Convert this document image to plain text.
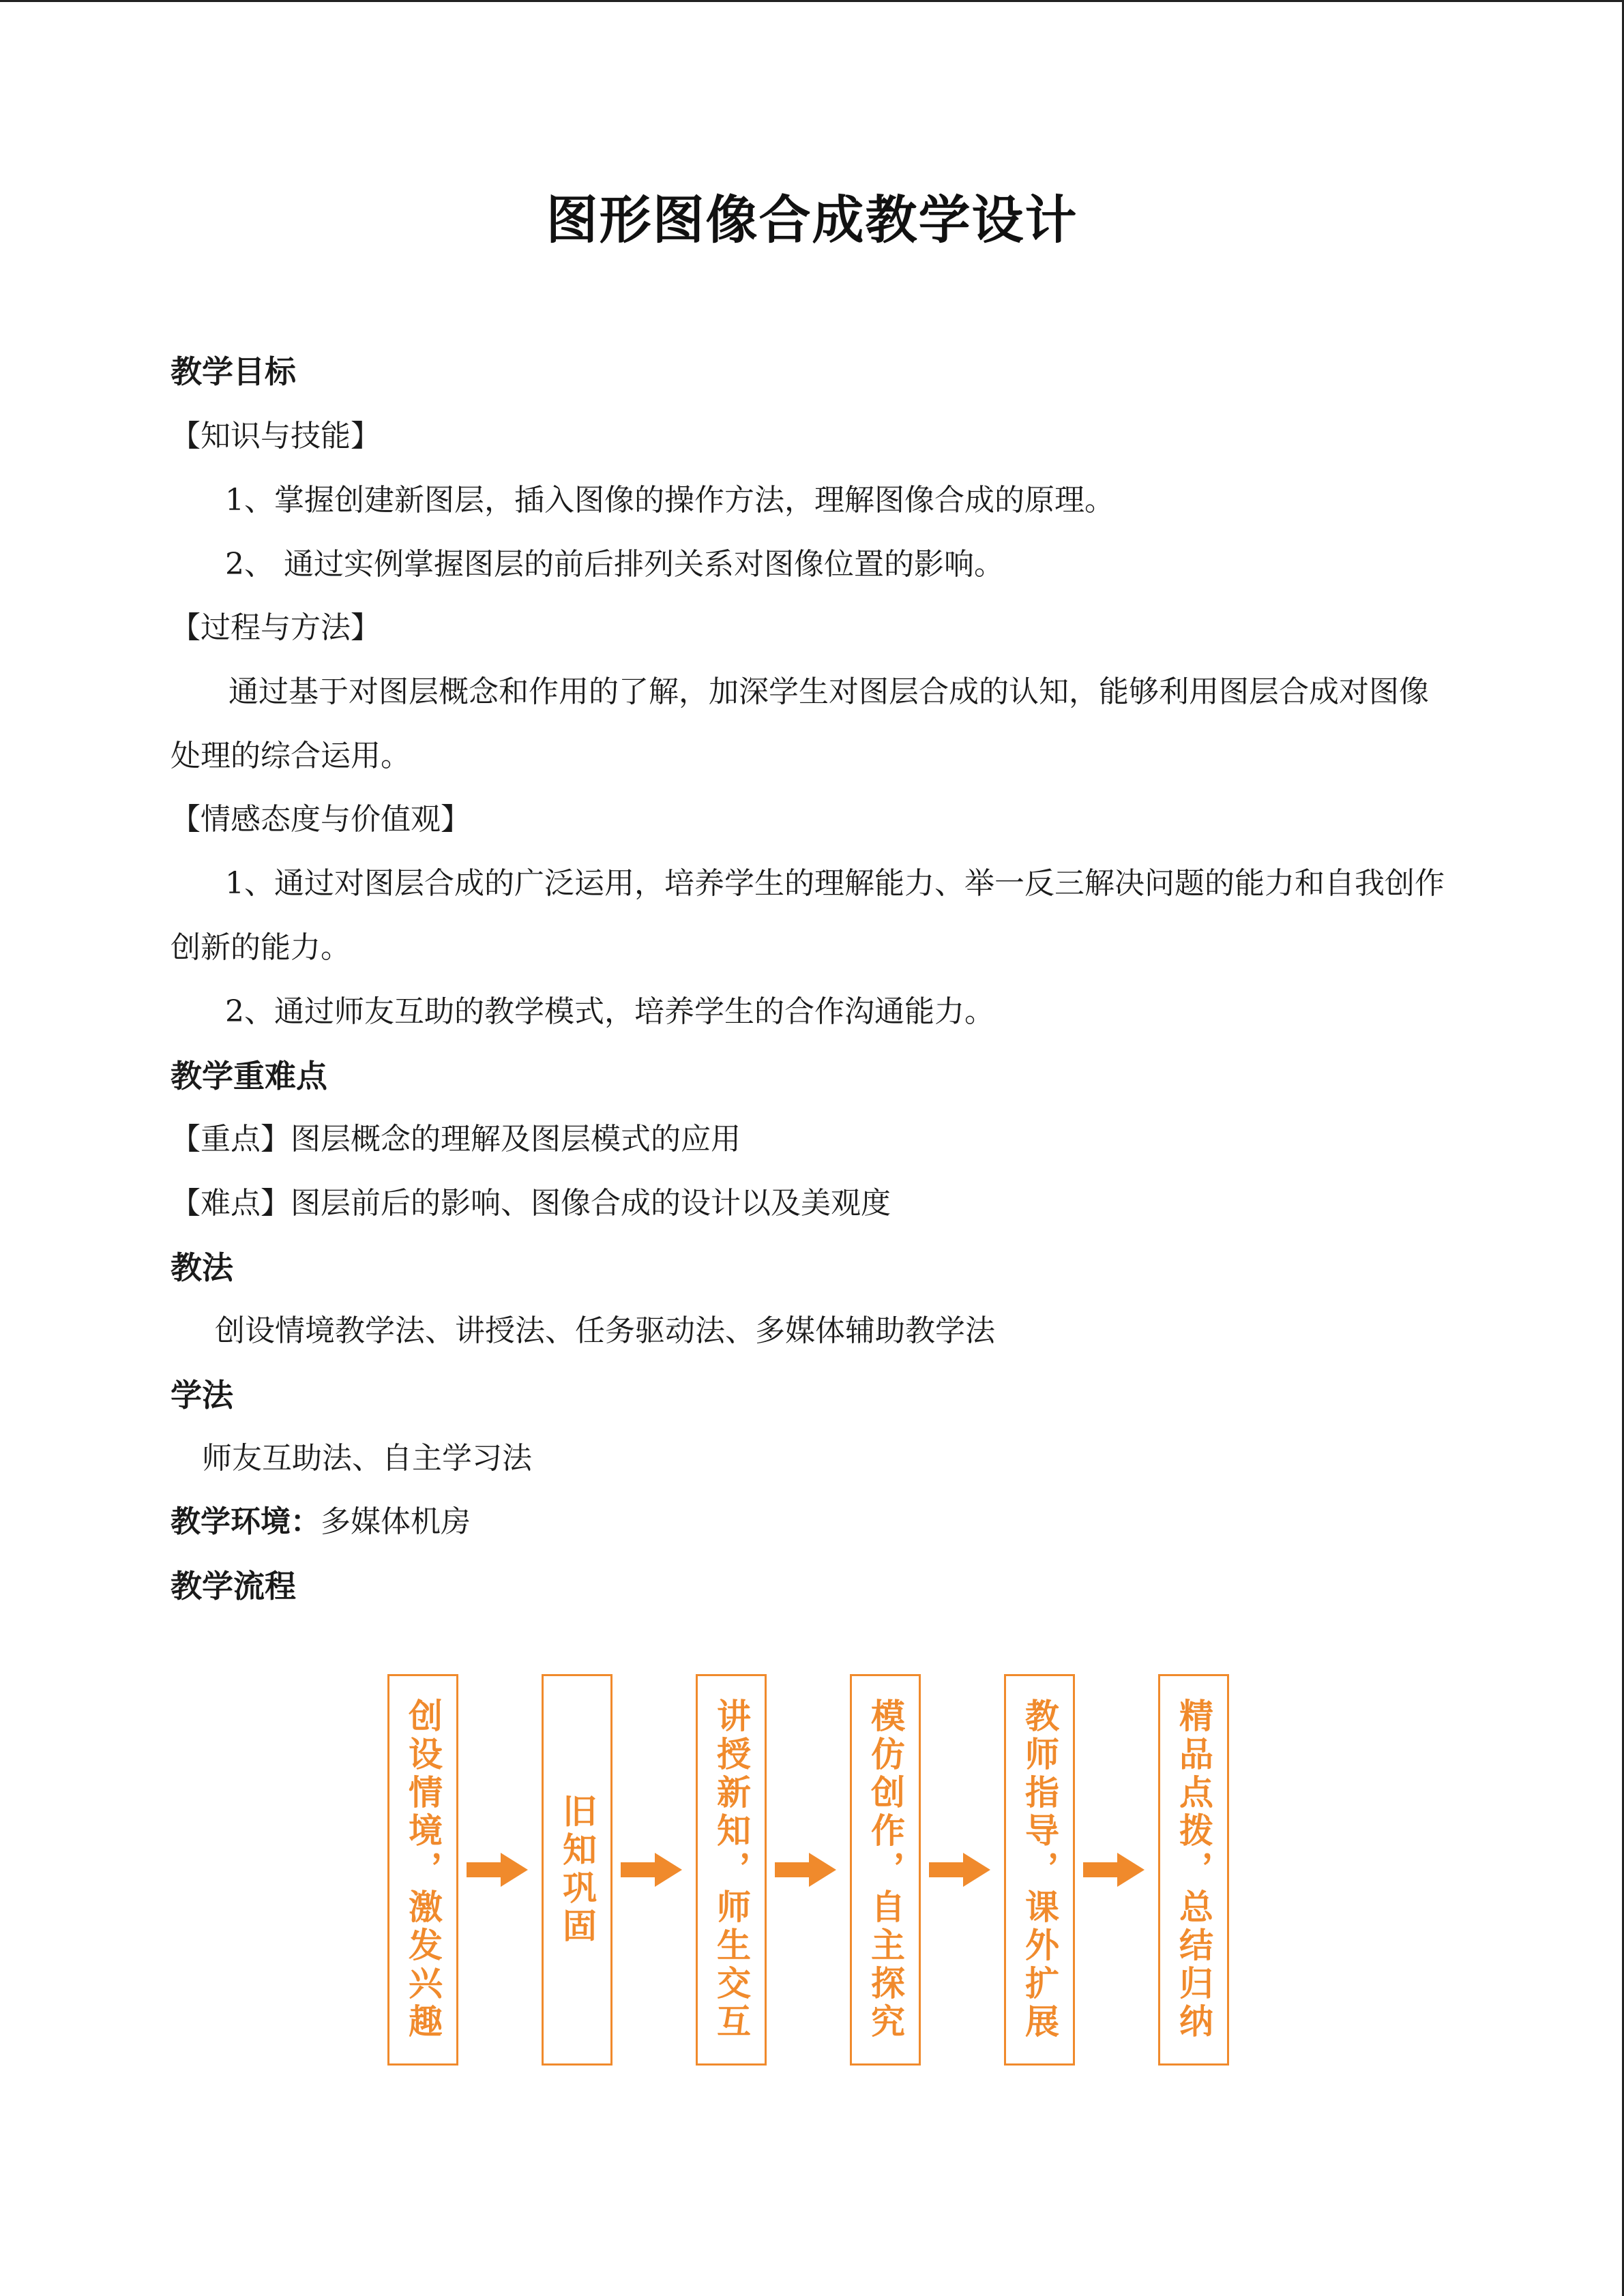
图形图像合成教学设计
教学目标
【知识与技能】
1、掌握创建新图层，插入图像的操作方法，理解图像合成的原理。
2、 通过实例掌握图层的前后排列关系对图像位置的影响。
【过程与方法】
通过基于对图层概念和作用的了解，加深学生对图层合成的认知，能够利用图层合成对图像
处理的综合运用。
【情感态度与价值观】
1、通过对图层合成的广泛运用，培养学生的理解能力、举一反三解决问题的能力和自我创作
创新的能力。
2、通过师友互助的教学模式，培养学生的合作沟通能力。
教学重难点
【重点】图层概念的理解及图层模式的应用
【难点】图层前后的影响、图像合成的设计以及美观度
教法
创设情境教学法、讲授法、任务驱动法、多媒体辅助教学法
学法
师友互助法、自主学习法
教学环境：多媒体机房
教学流程
创设情境，激发兴趣	旧知巩固	讲授新知，师生交互	模仿创作，自主探究	教师指导，课外扩展	精品点拨，总结归纳
